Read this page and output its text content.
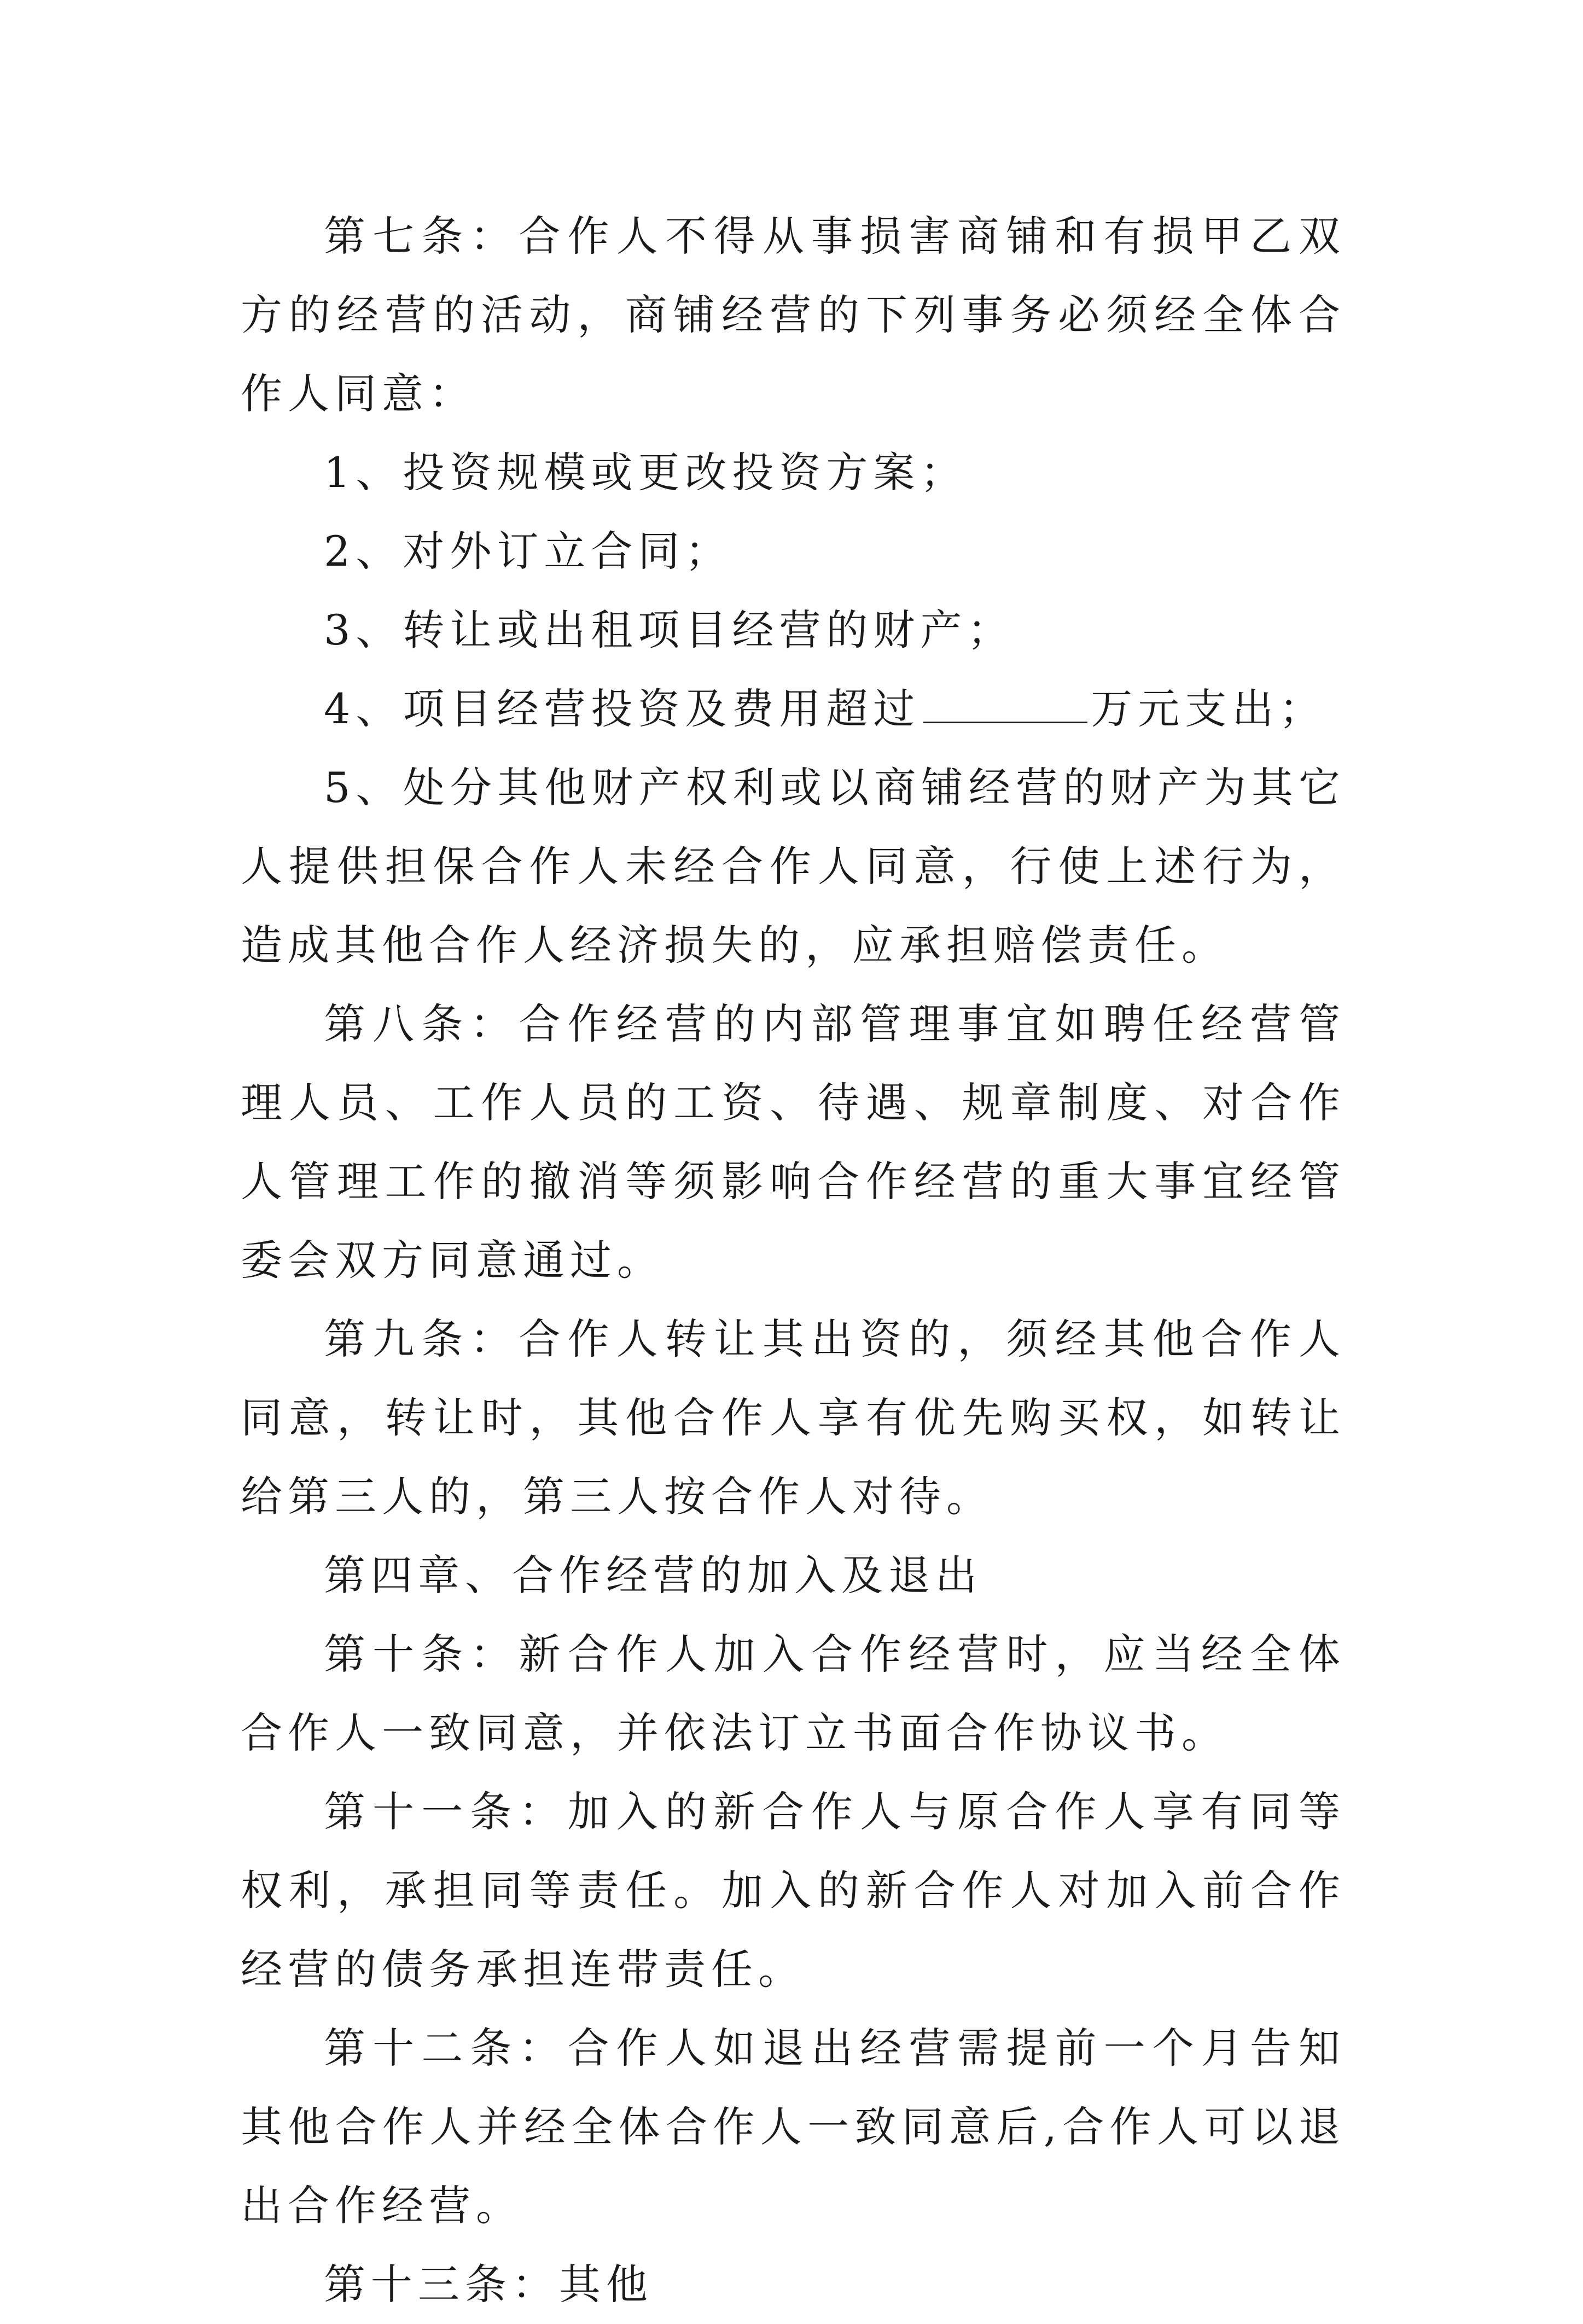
第七条：合作人不得从事损害商铺和有损甲乙双方的经营的活动，商铺经营的下列事务必须经全体合作人同意：

1、投资规模或更改投资方案；

2、对外订立合同；

3、转让或出租项目经营的财产；

4、项目经营投资及费用超过	万元支出；

5、处分其他财产权利或以商铺经营的财产为其它人提供担保合作人未经合作人同意，行使上述行为，造成其他合作人经济损失的，应承担赔偿责任。

第八条：合作经营的内部管理事宜如聘任经营管理人员、工作人员的工资、待遇、规章制度、对合作人管理工作的撤消等须影响合作经营的重大事宜经管委会双方同意通过。

第九条：合作人转让其出资的，须经其他合作人同意，转让时，其他合作人享有优先购买权，如转让给第三人的，第三人按合作人对待。

第四章、合作经营的加入及退出

第十条：新合作人加入合作经营时，应当经全体合作人一致同意，并依法订立书面合作协议书。

第十一条：加入的新合作人与原合作人享有同等权利，承担同等责任。加入的新合作人对加入前合作经营的债务承担连带责任。

第十二条：合作人如退出经营需提前一个月告知其他合作人并经全体合作人一致同意后,合作人可以退出合作经营。

第十三条：其他
